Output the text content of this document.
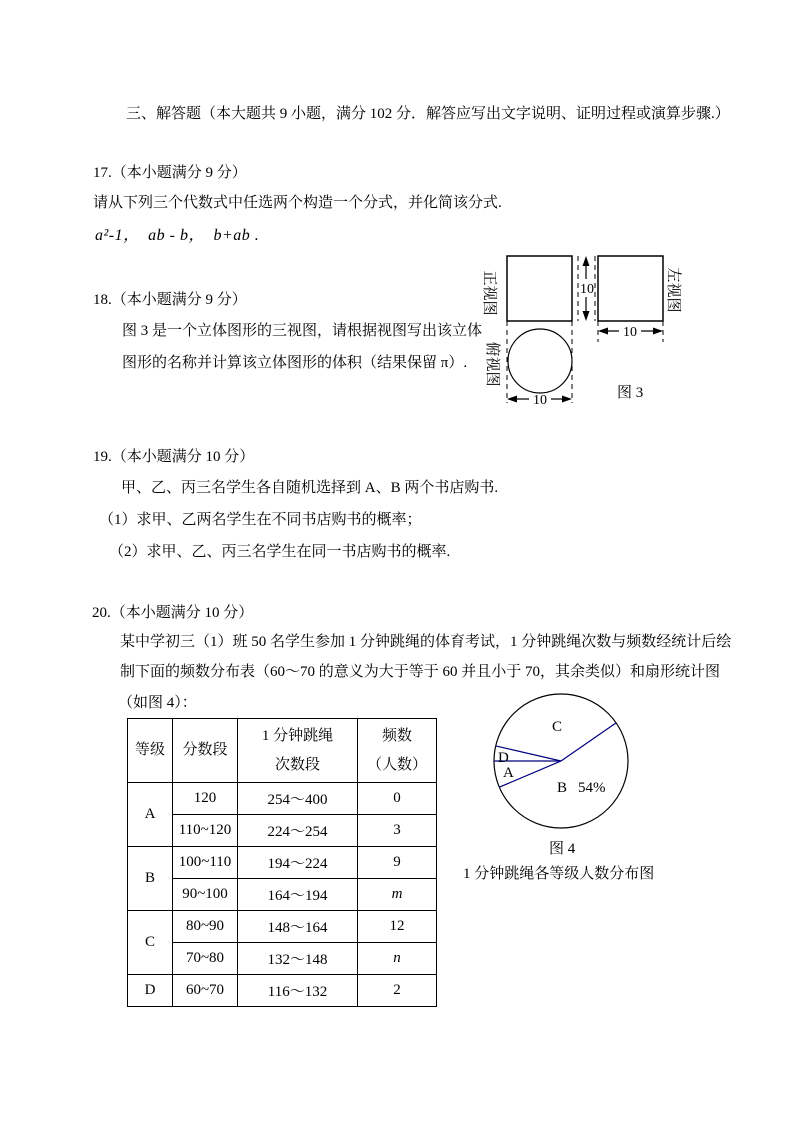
三、解答题（本大题共 9 小题，满分 102 分．解答应写出文字说明、证明过程或演算步骤.）
17.（本小题满分 9 分）
请从下列三个代数式中任选两个构造一个分式，并化简该分式.
a²-1，　ab - b，　b+ab .
18.（本小题满分 9 分）
图 3 是一个立体图形的三视图，请根据视图写出该立体
图形的名称并计算该立体图形的体积（结果保留 π）.
10
10
10
正视图	左视图
俯视图
图 3
19.（本小题满分 10 分）
甲、乙、丙三名学生各自随机选择到 A、B 两个书店购书.
（1）求甲、乙两名学生在不同书店购书的概率；
（2）求甲、乙、丙三名学生在同一书店购书的概率.
20.（本小题满分 10 分）
某中学初三（1）班 50 名学生参加 1 分钟跳绳的体育考试，1 分钟跳绳次数与频数经统计后绘
制下面的频数分布表（60～70 的意义为大于等于 60 并且小于 70，其余类似）和扇形统计图
（如图 4）：
等级	分数段	
1 分钟跳绳
次数段

频数
（人数）

A	120	254～400	0
	110~120	224～254	3
B	100~110	194～224	9
	90~100	164～194	m
C	80~90	148～164	12
	70~80	132～148	n
D	60~70	116～132	2
C
D
A
B 54%
图 4
1 分钟跳绳各等级人数分布图
